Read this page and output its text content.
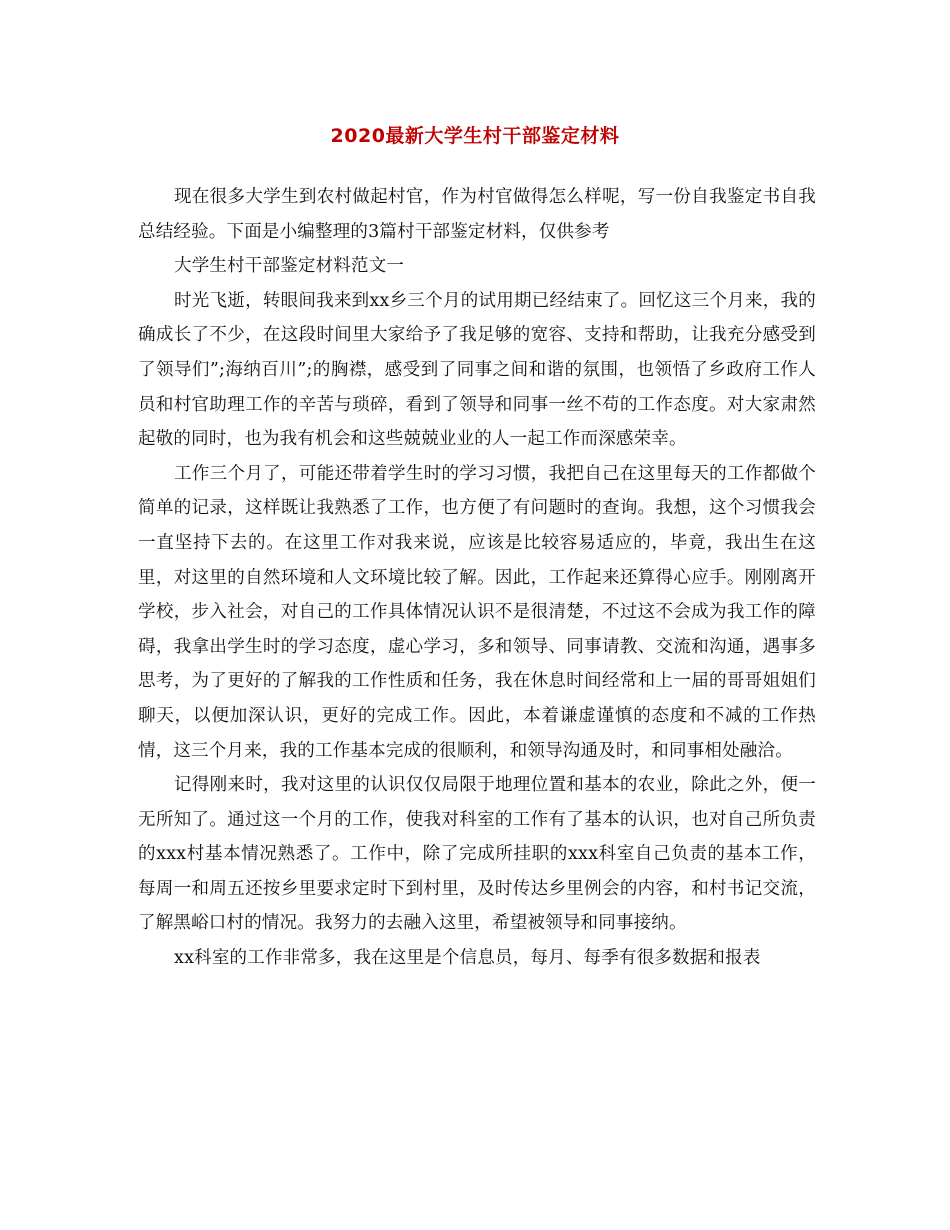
2020最新大学生村干部鉴定材料

现在很多大学生到农村做起村官，作为村官做得怎么样呢，写一份自我鉴定书自我总结经验。下面是小编整理的3篇村干部鉴定材料，仅供参考

大学生村干部鉴定材料范文一

时光飞逝，转眼间我来到xx乡三个月的试用期已经结束了。回忆这三个月来，我的确成长了不少，在这段时间里大家给予了我足够的宽容、支持和帮助，让我充分感受到了领导们”;海纳百川”;的胸襟，感受到了同事之间和谐的氛围，也领悟了乡政府工作人员和村官助理工作的辛苦与琐碎，看到了领导和同事一丝不苟的工作态度。对大家肃然起敬的同时，也为我有机会和这些兢兢业业的人一起工作而深感荣幸。

工作三个月了，可能还带着学生时的学习习惯，我把自己在这里每天的工作都做个简单的记录，这样既让我熟悉了工作，也方便了有问题时的查询。我想，这个习惯我会一直坚持下去的。在这里工作对我来说，应该是比较容易适应的，毕竟，我出生在这里，对这里的自然环境和人文环境比较了解。因此，工作起来还算得心应手。刚刚离开学校，步入社会，对自己的工作具体情况认识不是很清楚，不过这不会成为我工作的障碍，我拿出学生时的学习态度，虚心学习，多和领导、同事请教、交流和沟通，遇事多思考，为了更好的了解我的工作性质和任务，我在休息时间经常和上一届的哥哥姐姐们聊天，以便加深认识，更好的完成工作。因此，本着谦虚谨慎的态度和不减的工作热情，这三个月来，我的工作基本完成的很顺利，和领导沟通及时，和同事相处融洽。

记得刚来时，我对这里的认识仅仅局限于地理位置和基本的农业，除此之外，便一无所知了。通过这一个月的工作，使我对科室的工作有了基本的认识，也对自己所负责的xxx村基本情况熟悉了。工作中，除了完成所挂职的xxx科室自己负责的基本工作，每周一和周五还按乡里要求定时下到村里，及时传达乡里例会的内容，和村书记交流，了解黑峪口村的情况。我努力的去融入这里，希望被领导和同事接纳。

xx科室的工作非常多，我在这里是个信息员，每月、每季有很多数据和报表
